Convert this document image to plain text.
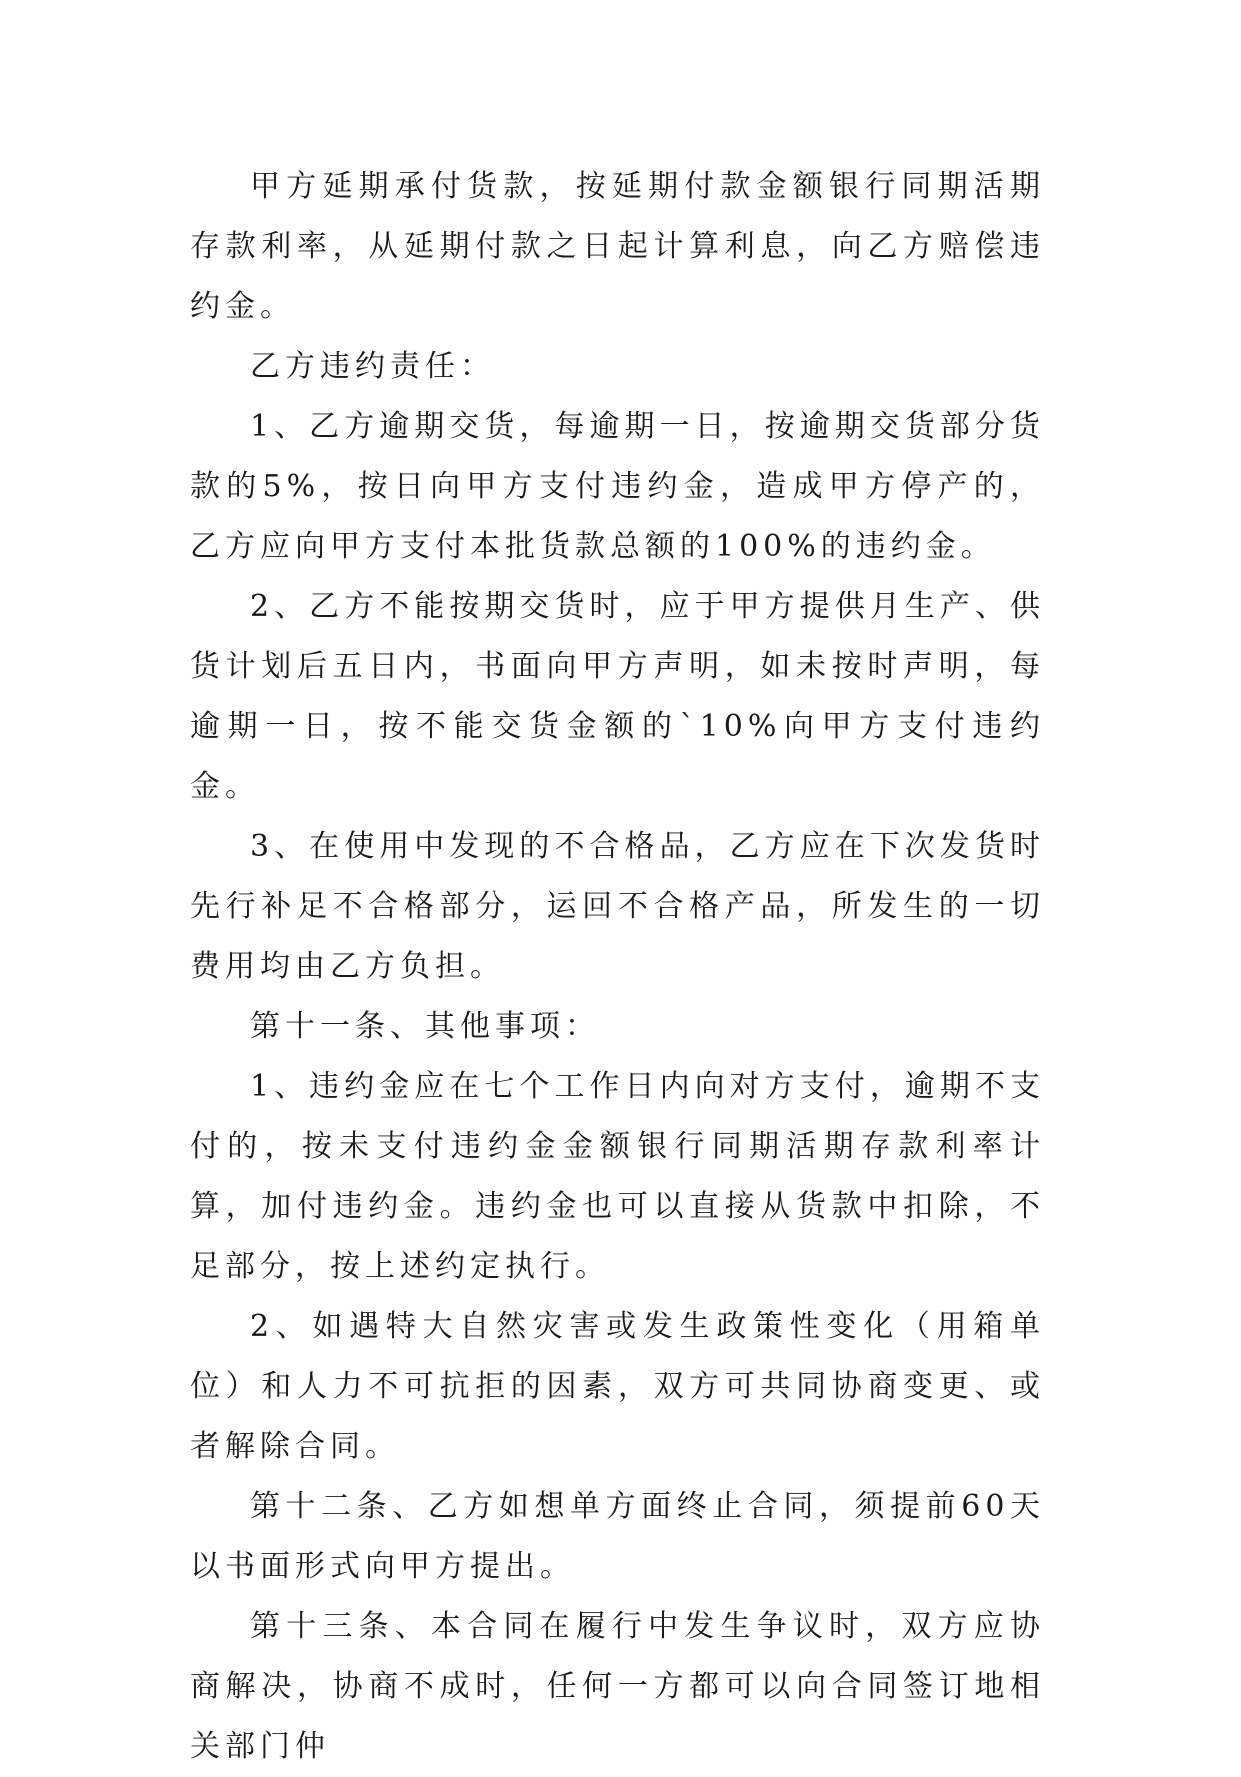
甲方延期承付货款，按延期付款金额银行同期活期存款利率，从延期付款之日起计算利息，向乙方赔偿违约金。

乙方违约责任：

1、乙方逾期交货，每逾期一日，按逾期交货部分货款的5%，按日向甲方支付违约金，造成甲方停产的，乙方应向甲方支付本批货款总额的100%的违约金。

2、乙方不能按期交货时，应于甲方提供月生产、供货计划后五日内，书面向甲方声明，如未按时声明，每逾期一日，按不能交货金额的`10%向甲方支付违约金。

3、在使用中发现的不合格品，乙方应在下次发货时先行补足不合格部分，运回不合格产品，所发生的一切费用均由乙方负担。

第十一条、其他事项：

1、违约金应在七个工作日内向对方支付，逾期不支付的，按未支付违约金金额银行同期活期存款利率计算，加付违约金。违约金也可以直接从货款中扣除，不足部分，按上述约定执行。

2、如遇特大自然灾害或发生政策性变化（用箱单位）和人力不可抗拒的因素，双方可共同协商变更、或者解除合同。

第十二条、乙方如想单方面终止合同，须提前60天以书面形式向甲方提出。

第十三条、本合同在履行中发生争议时，双方应协商解决，协商不成时，任何一方都可以向合同签订地相关部门仲
